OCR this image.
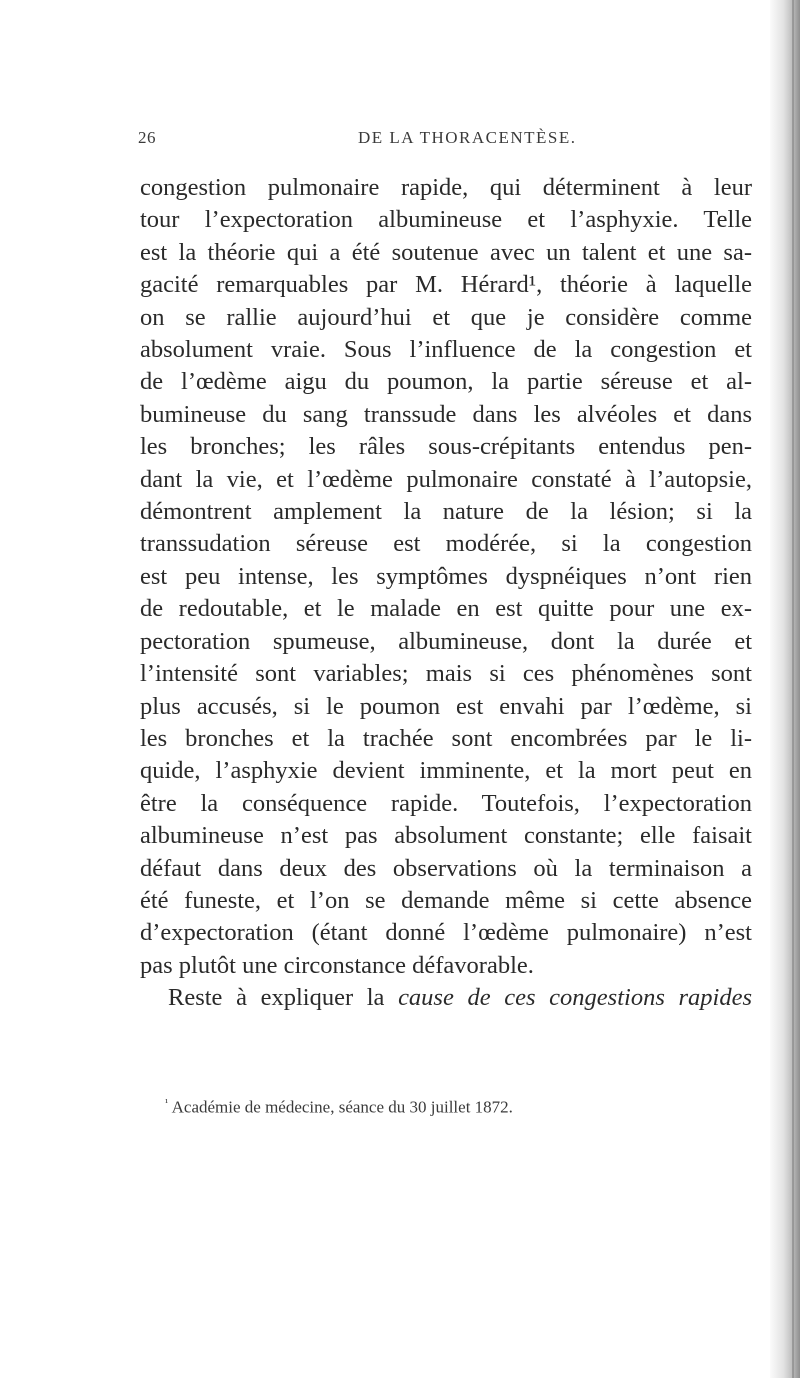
26	DE LA THORACENTÈSE.
congestion pulmonaire rapide, qui déterminent à leur
tour l’expectoration albumineuse et l’asphyxie. Telle
est la théorie qui a été soutenue avec un talent et une sa-
gacité remarquables par M. Hérard¹, théorie à laquelle
on se rallie aujourd’hui et que je considère comme
absolument vraie. Sous l’influence de la congestion et
de l’œdème aigu du poumon, la partie séreuse et al-
bumineuse du sang transsude dans les alvéoles et dans
les bronches; les râles sous-crépitants entendus pen-
dant la vie, et l’œdème pulmonaire constaté à l’autopsie,
démontrent amplement la nature de la lésion; si la
transsudation séreuse est modérée, si la congestion
est peu intense, les symptômes dyspnéiques n’ont rien
de redoutable, et le malade en est quitte pour une ex-
pectoration spumeuse, albumineuse, dont la durée et
l’intensité sont variables; mais si ces phénomènes sont
plus accusés, si le poumon est envahi par l’œdème, si
les bronches et la trachée sont encombrées par le li-
quide, l’asphyxie devient imminente, et la mort peut en
être la conséquence rapide. Toutefois, l’expectoration
albumineuse n’est pas absolument constante; elle faisait
défaut dans deux des observations où la terminaison a
été funeste, et l’on se demande même si cette absence
d’expectoration (étant donné l’œdème pulmonaire) n’est
pas plutôt une circonstance défavorable.
Reste à expliquer la cause de ces congestions rapides
$^{^1}$ Académie de médecine, séance du 30 juillet 1872.
